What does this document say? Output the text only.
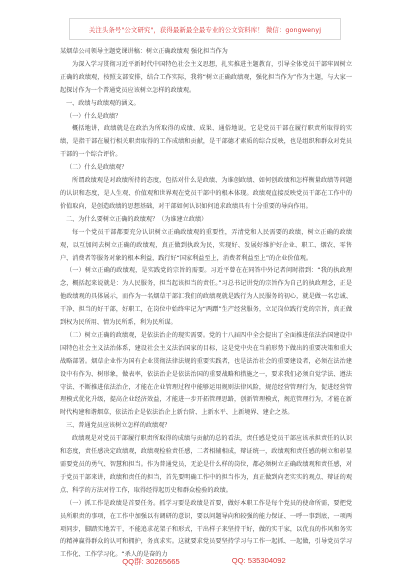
关注头条号"公文研究"，获得最新最全最专业的公文资料库！ 微信：gongwenyj

某烟草公司领导主题党课讲稿：树立正确政绩观 强化担当作为

为深入学习贯彻习近平新时代中国特色社会主义思想，扎实推进主题教育，引导全体党员干部牢固树立正确的政绩观，按照支部安排，结合工作实际，我将“树立正确政绩观，强化担当作为”作为主题，与大家一起探讨作为一个普通党员应该树立怎样的政绩观。

一、政绩与政绩观的涵义。

（一）什么是政绩？

概括地讲，政绩就是在政治为所取得的成绩、成果、通俗地说，它是党员干部在履行职责所取得的实绩，是指干部在履行相关职责取得的工作成绩和贡献，是干部德才素质的综合反映，也是组织和群众对党员干部的一个综合评价。

（二）什么是政绩观？

所谓政绩观是对政绩所持的态度，包括对什么是政绩、为谁创政绩、如何创政绩和怎样衡量政绩等问题的认识和态度，是人生观、价值观和世界观在党员干部中的根本体现。政绩观直接反映党员干部在工作中的价值取向，是创造政绩的思想基础，对干部如何认识如何追求政绩具有十分重要的导向作用。

二、为什么要树立正确的政绩观？（为谁建立政绩）

每一个党员干部都要充分认识树立正确政绩观的重要性，弄清党和人民需要的政绩，树立正确的政绩观，以互加问去树立正确的政绩观，真正做到执政为民，实现好、发展好维护好企业、职工、烟农、零售户、消费者等服务对象的根本利益，践行好“国家利益至上，消费者利益至上”的企业价值观。

（一）树立正确的政绩观，是实践党的宗旨的需要。习近平曾在在同答中外记者问时指到：“我的执政理念，概括起来说就是：为人民服务，担当起该担当的责任。”习总书记讲党的宗旨作为自己的执政理念，正是他政绩观的具体展示，而作为一名烟草干部汇我们的政绩观就是践行为人民服务的初心，就是做一名忠诚、干净、担当的好干部，好职工，在岗位中始终牢记为“两蹭”生产经营服务，立足岗位践行党的宗旨，真正做到权为民所用、情为民所系，利为民所谋。

（二）树立正确的政绩观，是依法治企的现实需要。党的十八届四中全会提出了全面推进依法治国建设中国特色社会主义法治体系，建设社会主义法治国家的目标，这是党中央在当前形势下做出的重要决策和重大战略部署。烟草企业作为国有企业贯彻法律法规的重要实践者，也是法治社会的重要建设者，必须在法治建设中有作为、树形象，做表率，依法治企是依法治国的重要战略和措施之一，要求我们必须自觉学法、遵法守法、不断推进依法治企，才能在企业管理过程中能够运用规则法律风险，规范经营管理行为，促进经营管理模式优化升级，提高企业经济效益，才能进一步开拓管理思路，创新管理模式，规范管理行为，才能在新时代构建和谐烟草，依法治企是依法治企上新台阶、上新水平、上新境界、建企之基。

三、普通党员应该树立怎样的政绩观？

政绩观是对党员干部履行职责所取得的成绩与贡献的总的看法，责任感是党员干部应该承担责任的认识和态度，责任感决定政绩观，政绩观检验责任感，二者相辅相成，辩证统一，政绩观和责任感的树立和彰显需要党员的勇气、智慧和担当。作为普通党员，无论是什么样的岗位，都必须树立正确政绩观和责任感，对于党员干部来讲，政绩和责任的担当，首先要明确工作中的担当作为，真正做到向老实实的观点、辩证的观点、科学的方法对待工作，取得经得起历史和群众检验的政绩。

（一）抓工作是政绩是首要任务。抓学习要是政绩是首要，做好本职工作是每个党员的使命所需，要把党员所职责的事项，在工作中加强以有调研的意识，要以问题导向和较强的能力保证、一呼一事到底，一项两项同步，脚踏实地苦干，不能追求花架子和形式，干出样子来坚持干好，做的实干家，以优良的作风和务实的精神赢得群众的认可和拥护，务真求实。这就要求党员要坚持学习与工作一起抓、一起做，引导党员学习工作化、工作学习化。“杀人的是奋的力

QQ群: 30265665	QQ: 535304092
